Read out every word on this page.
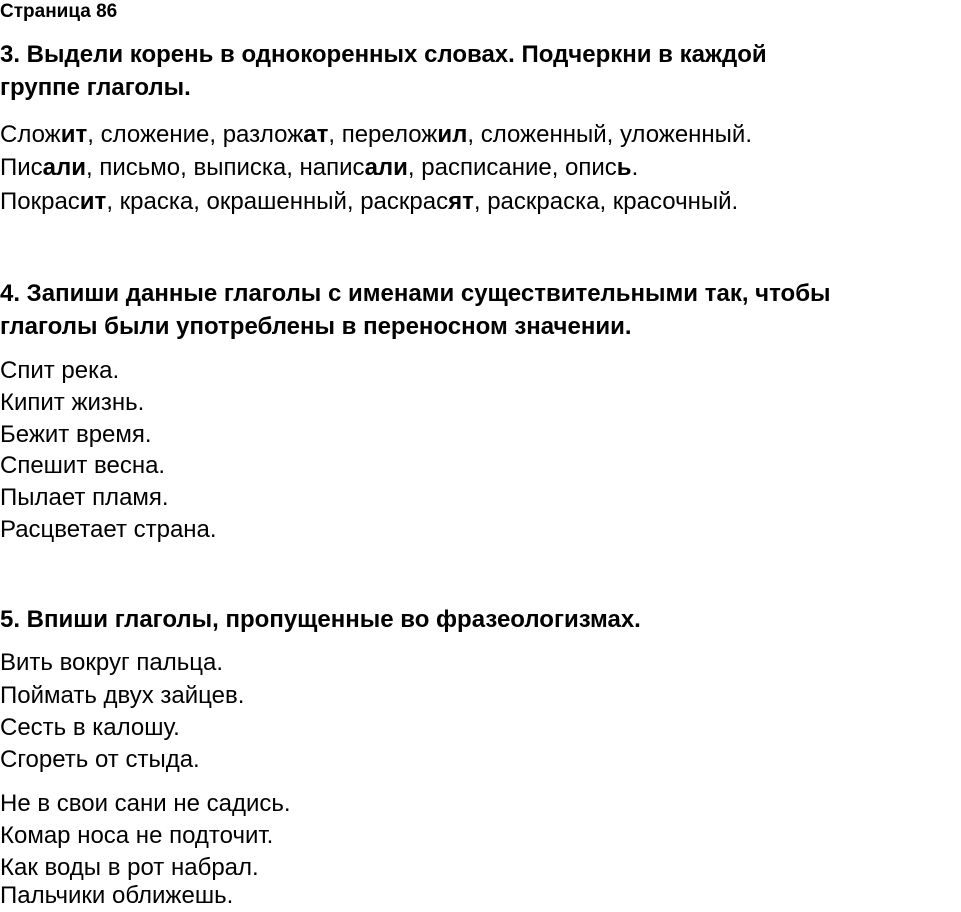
Страница 86
3. Выдели корень в однокоренных словах. Подчеркни в каждой
группе глаголы.
Сложит, сложение, разложат, переложил, сложенный, уложенный.
Писали, письмо, выписка, написали, расписание, опись.
Покрасит, краска, окрашенный, раскрасят, раскраска, красочный.
4. Запиши данные глаголы с именами существительными так, чтобы
глаголы были употреблены в переносном значении.
Спит река.
Кипит жизнь.
Бежит время.
Спешит весна.
Пылает пламя.
Расцветает страна.
5. Впиши глаголы, пропущенные во фразеологизмах.
Вить вокруг пальца.
Поймать двух зайцев.
Сесть в калошу.
Сгореть от стыда.
Не в свои сани не садись.
Комар носа не подточит.
Как воды в рот набрал.
Пальчики оближешь.
